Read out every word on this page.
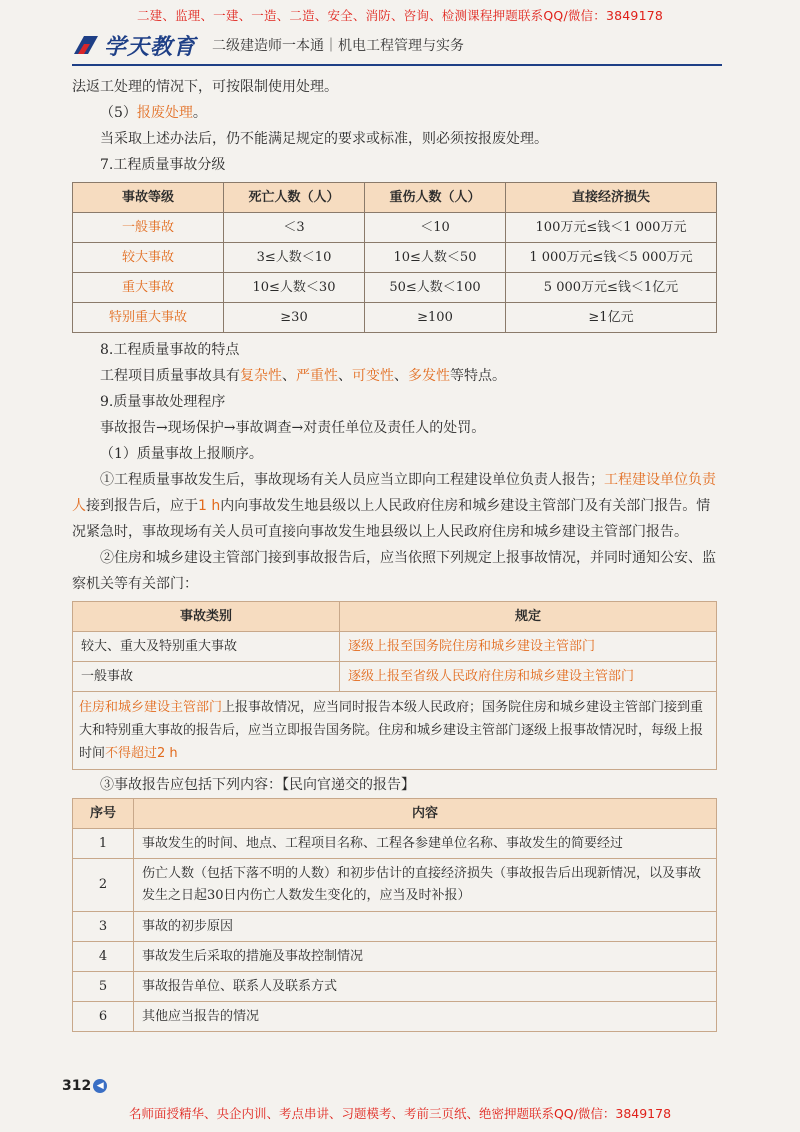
二建、监理、一建、一造、二造、安全、消防、咨询、检测课程押题联系QQ/微信：3849178
学天教育 二级建造师一本通｜机电工程管理与实务

法返工处理的情况下，可按限制使用处理。

（5）报废处理。

当采取上述办法后，仍不能满足规定的要求或标准，则必须按报废处理。

7.工程质量事故分级

事故等级	死亡人数（人）	重伤人数（人）	直接经济损失
一般事故	＜3	＜10	100万元≤钱＜1 000万元
较大事故	3≤人数＜10	10≤人数＜50	1 000万元≤钱＜5 000万元
重大事故	10≤人数＜30	50≤人数＜100	5 000万元≤钱＜1亿元
特别重大事故	≥30	≥100	≥1亿元

8.工程质量事故的特点

工程项目质量事故具有复杂性、严重性、可变性、多发性等特点。

9.质量事故处理程序

事故报告→现场保护→事故调查→对责任单位及责任人的处罚。

（1）质量事故上报顺序。

①工程质量事故发生后，事故现场有关人员应当立即向工程建设单位负责人报告；工程建设单位负责人接到报告后，应于1 h内向事故发生地县级以上人民政府住房和城乡建设主管部门及有关部门报告。情况紧急时，事故现场有关人员可直接向事故发生地县级以上人民政府住房和城乡建设主管部门报告。

②住房和城乡建设主管部门接到事故报告后，应当依照下列规定上报事故情况，并同时通知公安、监察机关等有关部门：

事故类别	规定
较大、重大及特别重大事故	逐级上报至国务院住房和城乡建设主管部门
一般事故	逐级上报至省级人民政府住房和城乡建设主管部门
住房和城乡建设主管部门上报事故情况，应当同时报告本级人民政府；国务院住房和城乡建设主管部门接到重大和特别重大事故的报告后，应当立即报告国务院。住房和城乡建设主管部门逐级上报事故情况时，每级上报时间不得超过2 h	

③事故报告应包括下列内容：【民向官递交的报告】

序号	内容
1	事故发生的时间、地点、工程项目名称、工程各参建单位名称、事故发生的简要经过
2	伤亡人数（包括下落不明的人数）和初步估计的直接经济损失（事故报告后出现新情况，以及事故发生之日起30日内伤亡人数发生变化的，应当及时补报）
3	事故的初步原因
4	事故发生后采取的措施及事故控制情况
5	事故报告单位、联系人及联系方式
6	其他应当报告的情况
312 ◀
名师面授精华、央企内训、考点串讲、习题模考、考前三页纸、绝密押题联系QQ/微信：3849178
